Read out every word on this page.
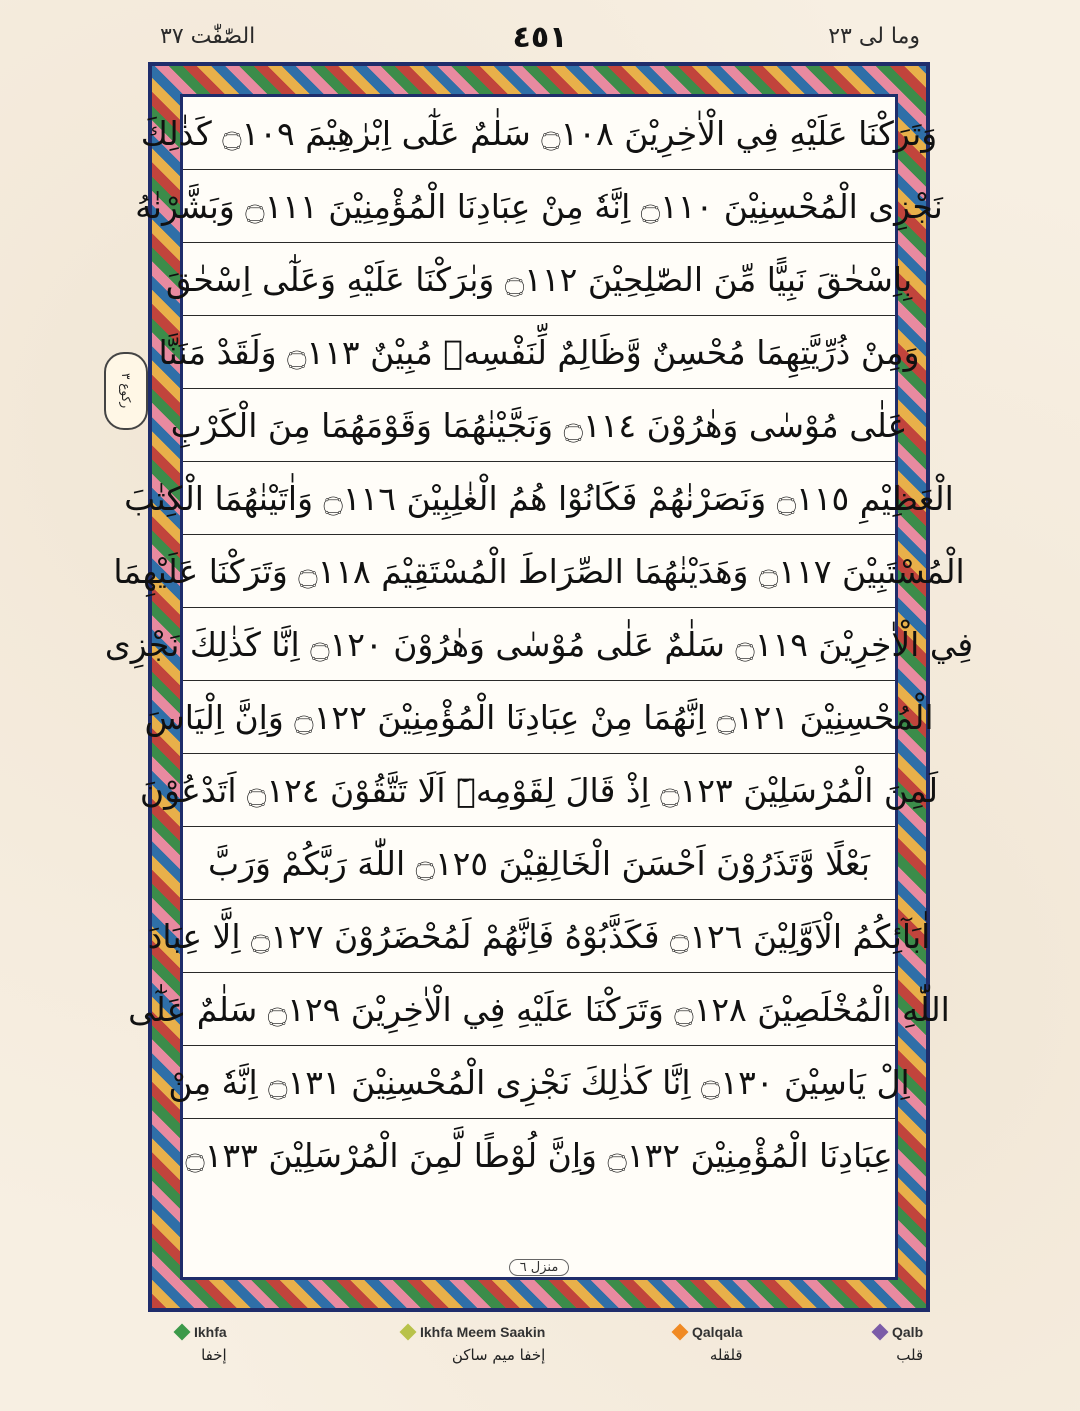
وما لى ٢٣
٤٥١
الصّٰفّٰت ٣٧
ركوع ٣
وَتَرَكْنَا عَلَيْهِ فِي الْاٰخِرِيْنَ ۝١٠٨ سَلٰمٌ عَلٰٓى اِبْرٰهِيْمَ ۝١٠٩ كَذٰلِكَ
نَجْزِى الْمُحْسِنِيْنَ ۝١١٠ اِنَّهٗ مِنْ عِبَادِنَا الْمُؤْمِنِيْنَ ۝١١١ وَبَشَّرْنٰهُ
بِاِسْحٰقَ نَبِيًّا مِّنَ الصّٰلِحِيْنَ ۝١١٢ وَبٰرَكْنَا عَلَيْهِ وَعَلٰٓى اِسْحٰقَ
وَمِنْ ذُرِّيَّتِهِمَا مُحْسِنٌ وَّظَالِمٌ لِّنَفْسِهٖ مُبِيْنٌ ۝١١٣ وَلَقَدْ مَنَنَّا
عَلٰى مُوْسٰى وَهٰرُوْنَ ۝١١٤ وَنَجَّيْنٰهُمَا وَقَوْمَهُمَا مِنَ الْكَرْبِ
الْعَظِيْمِ ۝١١٥ وَنَصَرْنٰهُمْ فَكَانُوْا هُمُ الْغٰلِبِيْنَ ۝١١٦ وَاٰتَيْنٰهُمَا الْكِتٰبَ
الْمُسْتَبِيْنَ ۝١١٧ وَهَدَيْنٰهُمَا الصِّرَاطَ الْمُسْتَقِيْمَ ۝١١٨ وَتَرَكْنَا عَلَيْهِمَا
فِي الْاٰخِرِيْنَ ۝١١٩ سَلٰمٌ عَلٰى مُوْسٰى وَهٰرُوْنَ ۝١٢٠ اِنَّا كَذٰلِكَ نَجْزِى
الْمُحْسِنِيْنَ ۝١٢١ اِنَّهُمَا مِنْ عِبَادِنَا الْمُؤْمِنِيْنَ ۝١٢٢ وَاِنَّ اِلْيَاسَ
لَمِنَ الْمُرْسَلِيْنَ ۝١٢٣ اِذْ قَالَ لِقَوْمِهٖٓ اَلَا تَتَّقُوْنَ ۝١٢٤ اَتَدْعُوْنَ
بَعْلًا وَّتَذَرُوْنَ اَحْسَنَ الْخَالِقِيْنَ ۝١٢٥ اللّٰهَ رَبَّكُمْ وَرَبَّ
اٰبَآئِكُمُ الْاَوَّلِيْنَ ۝١٢٦ فَكَذَّبُوْهُ فَاِنَّهُمْ لَمُحْضَرُوْنَ ۝١٢٧ اِلَّا عِبَادَ
اللّٰهِ الْمُخْلَصِيْنَ ۝١٢٨ وَتَرَكْنَا عَلَيْهِ فِي الْاٰخِرِيْنَ ۝١٢٩ سَلٰمٌ عَلٰٓى
اِلْ يَاسِيْنَ ۝١٣٠ اِنَّا كَذٰلِكَ نَجْزِى الْمُحْسِنِيْنَ ۝١٣١ اِنَّهٗ مِنْ
عِبَادِنَا الْمُؤْمِنِيْنَ ۝١٣٢ وَاِنَّ لُوْطًا لَّمِنَ الْمُرْسَلِيْنَ ۝١٣٣
منزل ٦
Ikhfa
إخفا
Ikhfa Meem Saakin
إخفا میم ساکن
Qalqala
قلقله
Qalb
قلب
